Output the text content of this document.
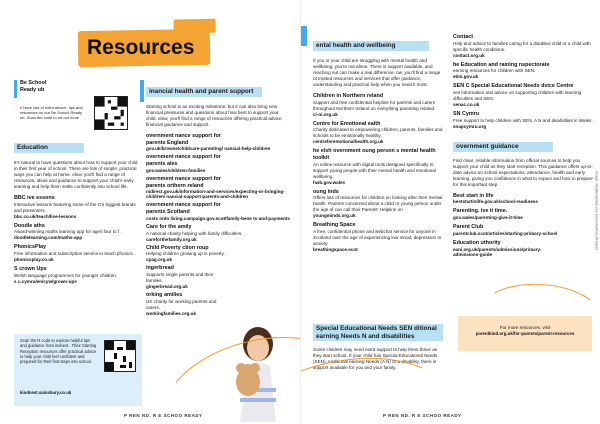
Resources
Be School Ready ub
e have lots of extra advice, tips and resources on our Be School Ready ub. Scan the code to nd out more
Education
It's natural to have questions about how to support your child in their first year of school. There are lots of simple, practical ways you can help at home. elow, you'll find a range of resources, ideas and guidance to support your child's early learning and help them settle confidently into school life.
BBC ive essons
Interactive lessons featuring some of the C's biggest brands and presenters.
bbc.co.uk/teach/live-lessons
Doodle aths
Award-winning maths learning app for ages four to f .
doodlelearning.com/maths-app
PhonicsPlay
Free information and subscription service to teach phonics.
phonicsplay.co.uk
S crown Ups
Welsh language programmes for younger children.
s c.cymru/en/cyw/grown-ups
Scan the R code to explore helpful tips and guidance from indnest . Their Starting Reception resources offer practical advice to help your child feel confident and prepared for their first steps into school.
kindnest.sainsbury.co.uk
inancial health and parent support
Starting school is an exciting milestone, but it can also bring new financial pressures and questions about how best to support your child. elow, you'll find a range of resources offering practical advice, financial guidance and support.
overnment nance support for parents England
gov.uk/browse/childcare-parenting/ nancial-help-children
overnment nance support for parents ales
gov.wales/children-families
overnment nance support for parents orthern reland
nidirect.gov.uk/information-and-services/expecting-or-bringing-children/ nancial-support-parents-and-children
overnment nance support for parents Scotland
costs onto living.campaign.gov.scot/family-bene ts-and-payments
Care for the amily
A national charity helping with family difficulties.
careforthefamily.org.uk
Child Poverty ction roup
Helping children growing up in poverty.
cpag.org.uk
ingerbread
Supports single parents and their families.
gingerbread.org.uk
orking amilies
UK charity for working parents and carers.
workingfamilies.org.uk
P REN ND. R E SCHOO READY
ental health and wellbeing
If you or your child are struggling with mental health and wellbeing, you're not alone. There is support available, and reaching out can make a real difference. ow, you'll find a range of trusted resources and services that offer guidance, understanding and practical help when you need it most.
Children in Northern reland
Support and free confidential helpline for parents and carers throughout Northern Ireland on everything parenting related.
ci-ni.org.uk
Centre for Emotional ealth
Charity dedicated to empowering children, parents, families and schools to be emotionally healthy.
centreforemotionalhealth.org.uk
he elsh overnment oung person s mental health toolkit
An online resource with digital tools designed specifically to support young people with their mental health and emotional wellbeing.
hwb.gov.wales
oung inds
Offers lots of resources for children on looking after their mental health. Parents concerned about a child or young person under the age of can call their Parents' Helpline on
youngminds.org.uk
Breathing Space
A free, confidential phone and webchat service for anyone in Scotland over the age of experiencing low mood, depression or anxiety.
breathingspace.scot
Special Educational Needs SEN ditional earning Needs N and disabilities
Some children may need extra support to help them thrive as they start school. If your child has Special Educational Needs (SEN), Additional earning Needs (A N) or a disability, there is support available for you and your family.
Contact
Help and advice to families caring for a disabled child or a child with specific health conditions.
contact.org.uk
he Education and raining nspectorate
earning resources for children with SEN.
etini.gov.uk
SEN C Special Educational Needs dvice Centre
ves information and advice on supporting children with learning difficulties and SEN.
senac.co.uk
SN Cymru
Free support to help children with SEN, A N and disabilities in Wales.
snapcymru.org
overnment guidance
Find clear, reliable information from official sources to help you support your child as they start reception. This guidance offers up-to-date advice on school expectations, attendance, health and early learning, giving you confidence in what to expect and how to prepare for this important step.
Best start in life
beststartinlife.gov.uk/school-readiness
Parenting. ive it time.
gov.wales/parenting-give-it-time
Parent Club
parentclub.scot/articles/starting-primary-school
Education uthority
eani.org.uk/parents/admissions/primary-admissions-guide
For more resources, visit
parentkind.org.uk/for-parents/parent-resources
Image: Shutterstock/Lucie Konecna/Kids Pretzels
P REN ND. R E SCHOO READY
